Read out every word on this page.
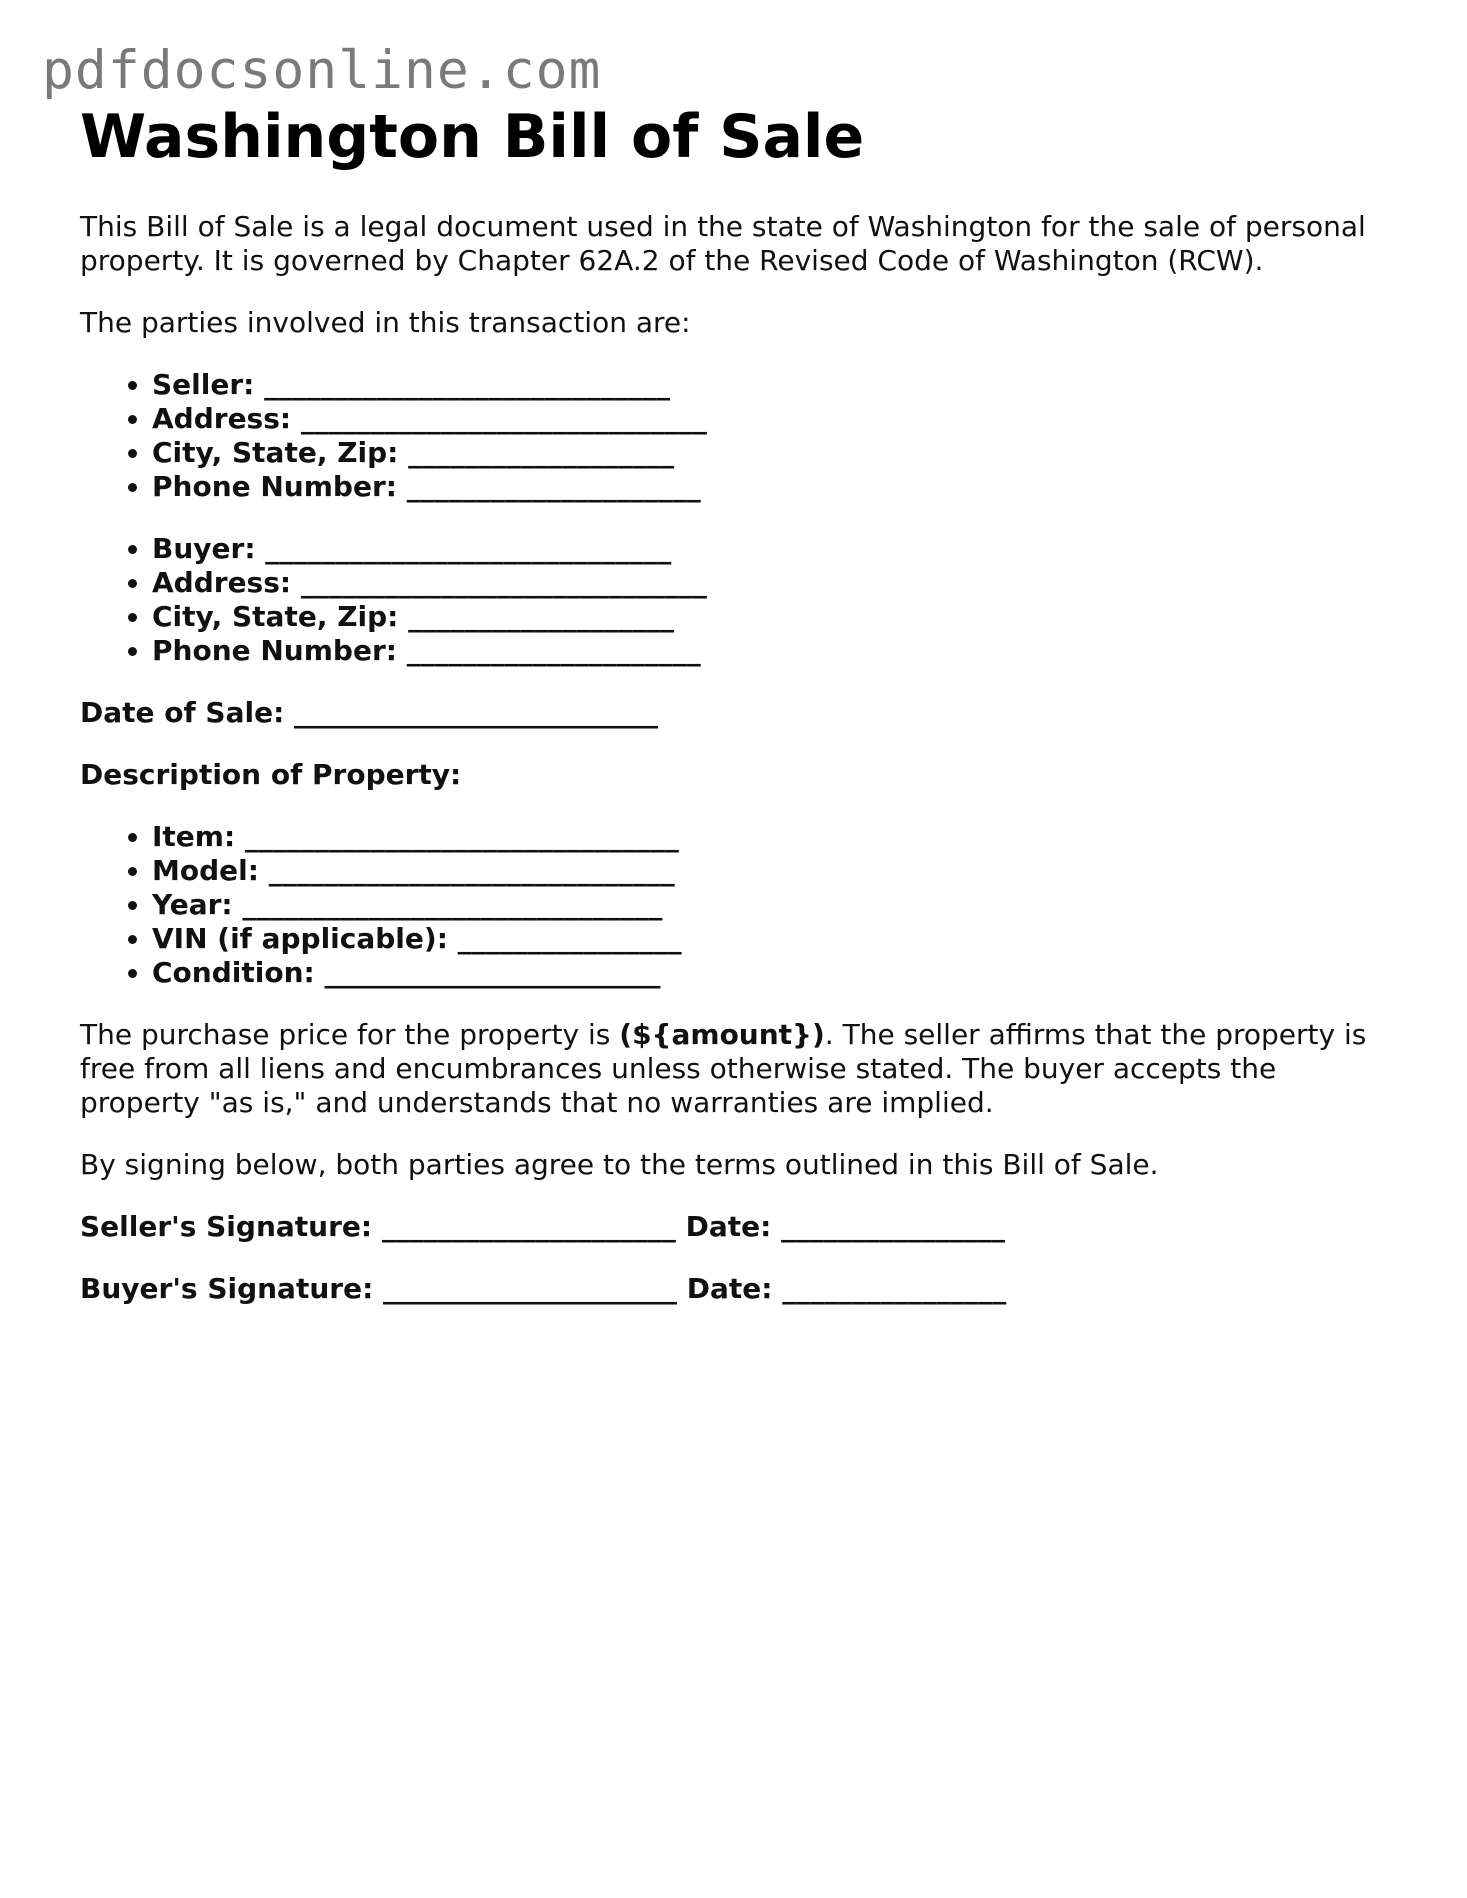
pdfdocsonline.com
Washington Bill of Sale

This Bill of Sale is a legal document used in the state of Washington for the sale of personal property. It is governed by Chapter 62A.2 of the Revised Code of Washington (RCW).

The parties involved in this transaction are:

• Seller: _____________________________
• Address: _____________________________
• City, State, Zip: ___________________
• Phone Number: _____________________
• Buyer: _____________________________
• Address: _____________________________
• City, State, Zip: ___________________
• Phone Number: _____________________

Date of Sale: __________________________

Description of Property:

• Item: _______________________________
• Model: _____________________________
• Year: ______________________________
• VIN (if applicable): ________________
• Condition: ________________________

The purchase price for the property is (${amount}). The seller affirms that the property is free from all liens and encumbrances unless otherwise stated. The buyer accepts the property "as is," and understands that no warranties are implied.

By signing below, both parties agree to the terms outlined in this Bill of Sale.

Seller's Signature: _____________________ Date: ________________

Buyer's Signature: _____________________ Date: ________________
